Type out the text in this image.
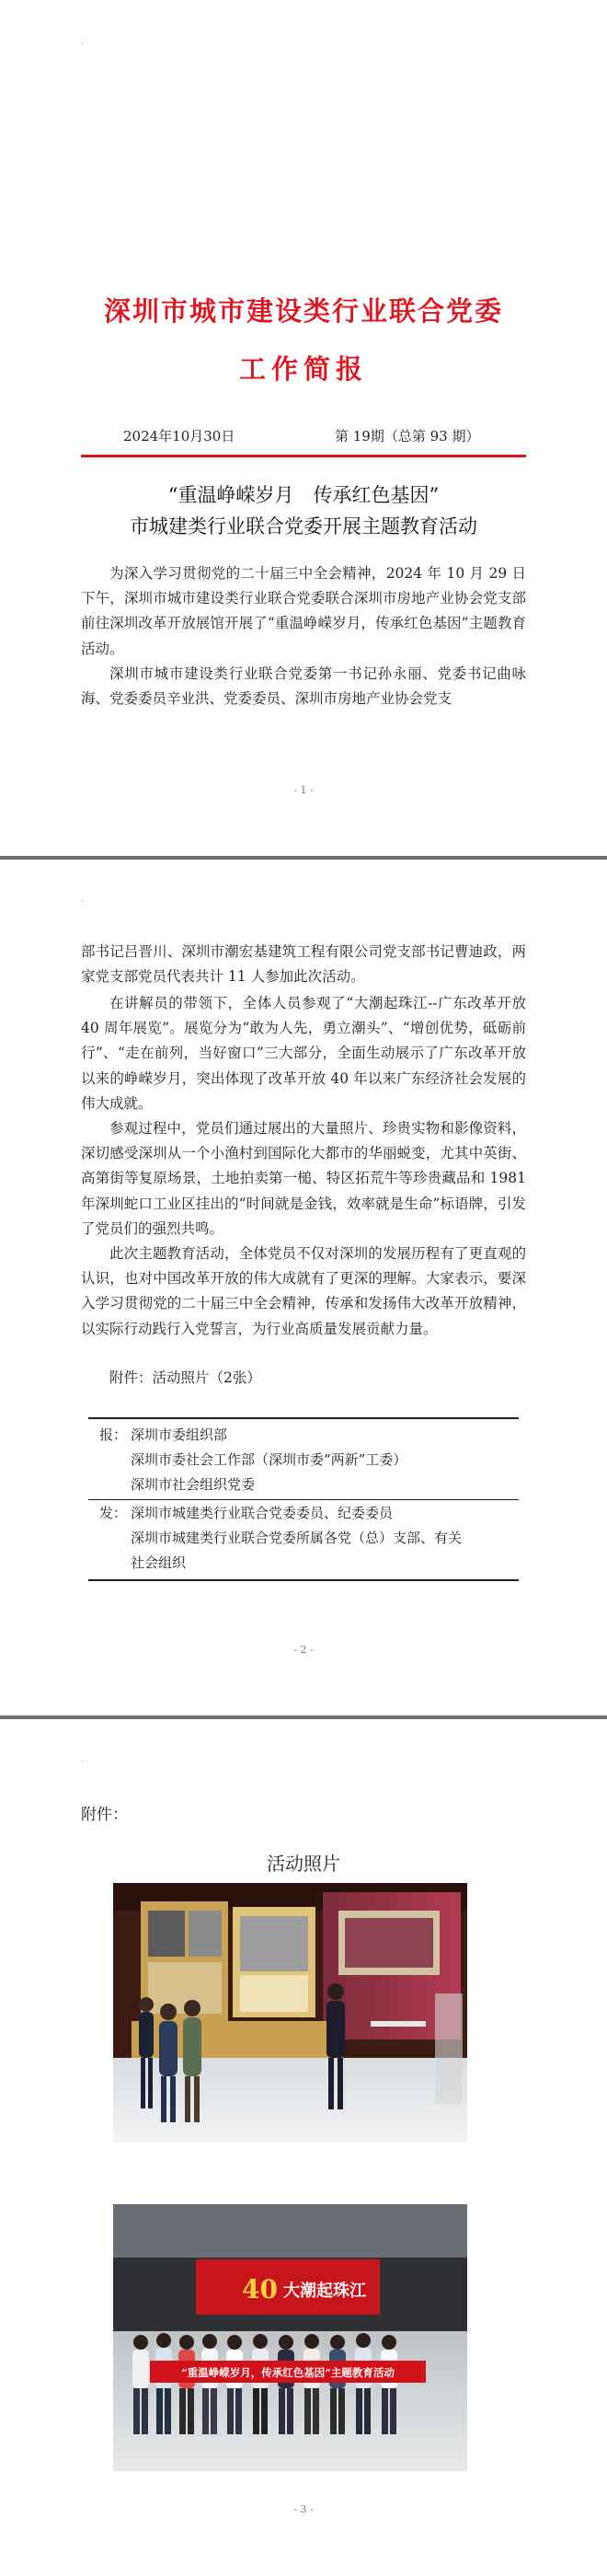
.
深圳市城市建设类行业联合党委
工作简报
2024年10月30日	第 19期（总第 93 期）
“重温峥嵘岁月　传承红色基因”
市城建类行业联合党委开展主题教育活动

为深入学习贯彻党的二十届三中全会精神，2024 年 10 月 29 日下午，深圳市城市建设类行业联合党委联合深圳市房地产业协会党支部前往深圳改革开放展馆开展了“重温峥嵘岁月，传承红色基因”主题教育活动。

深圳市城市建设类行业联合党委第一书记孙永丽、党委书记曲咏海、党委委员辛业洪、党委委员、深圳市房地产业协会党支

- 1 -
.

部书记吕晋川、深圳市潮宏基建筑工程有限公司党支部书记曹迪政，两家党支部党员代表共计 11 人参加此次活动。

在讲解员的带领下，全体人员参观了“大潮起珠江--广东改革开放 40 周年展览”。展览分为“敢为人先，勇立潮头”、“增创优势，砥砺前行”、“走在前列，当好窗口”三大部分，全面生动展示了广东改革开放以来的峥嵘岁月，突出体现了改革开放 40 年以来广东经济社会发展的伟大成就。

参观过程中，党员们通过展出的大量照片、珍贵实物和影像资料，深切感受深圳从一个小渔村到国际化大都市的华丽蜕变，尤其中英街、高第街等复原场景，土地拍卖第一槌、特区拓荒牛等珍贵藏品和 1981 年深圳蛇口工业区挂出的“时间就是金钱，效率就是生命”标语牌，引发了党员们的强烈共鸣。

此次主题教育活动，全体党员不仅对深圳的发展历程有了更直观的认识，也对中国改革开放的伟大成就有了更深的理解。大家表示，要深入学习贯彻党的二十届三中全会精神，传承和发扬伟大改革开放精神，以实际行动践行入党誓言，为行业高质量发展贡献力量。

附件：活动照片（2张）

报： 深圳市委组织部
深圳市委社会工作部（深圳市委“两新”工委）
深圳市社会组织党委
发： 深圳市城建类行业联合党委委员、纪委委员
深圳市城建类行业联合党委所属各党（总）支部、有关
社会组织
- 2 -
.
附件：
活动照片
40 大潮起珠江
“重温峥嵘岁月，传承红色基因”主题教育活动
- 3 -
